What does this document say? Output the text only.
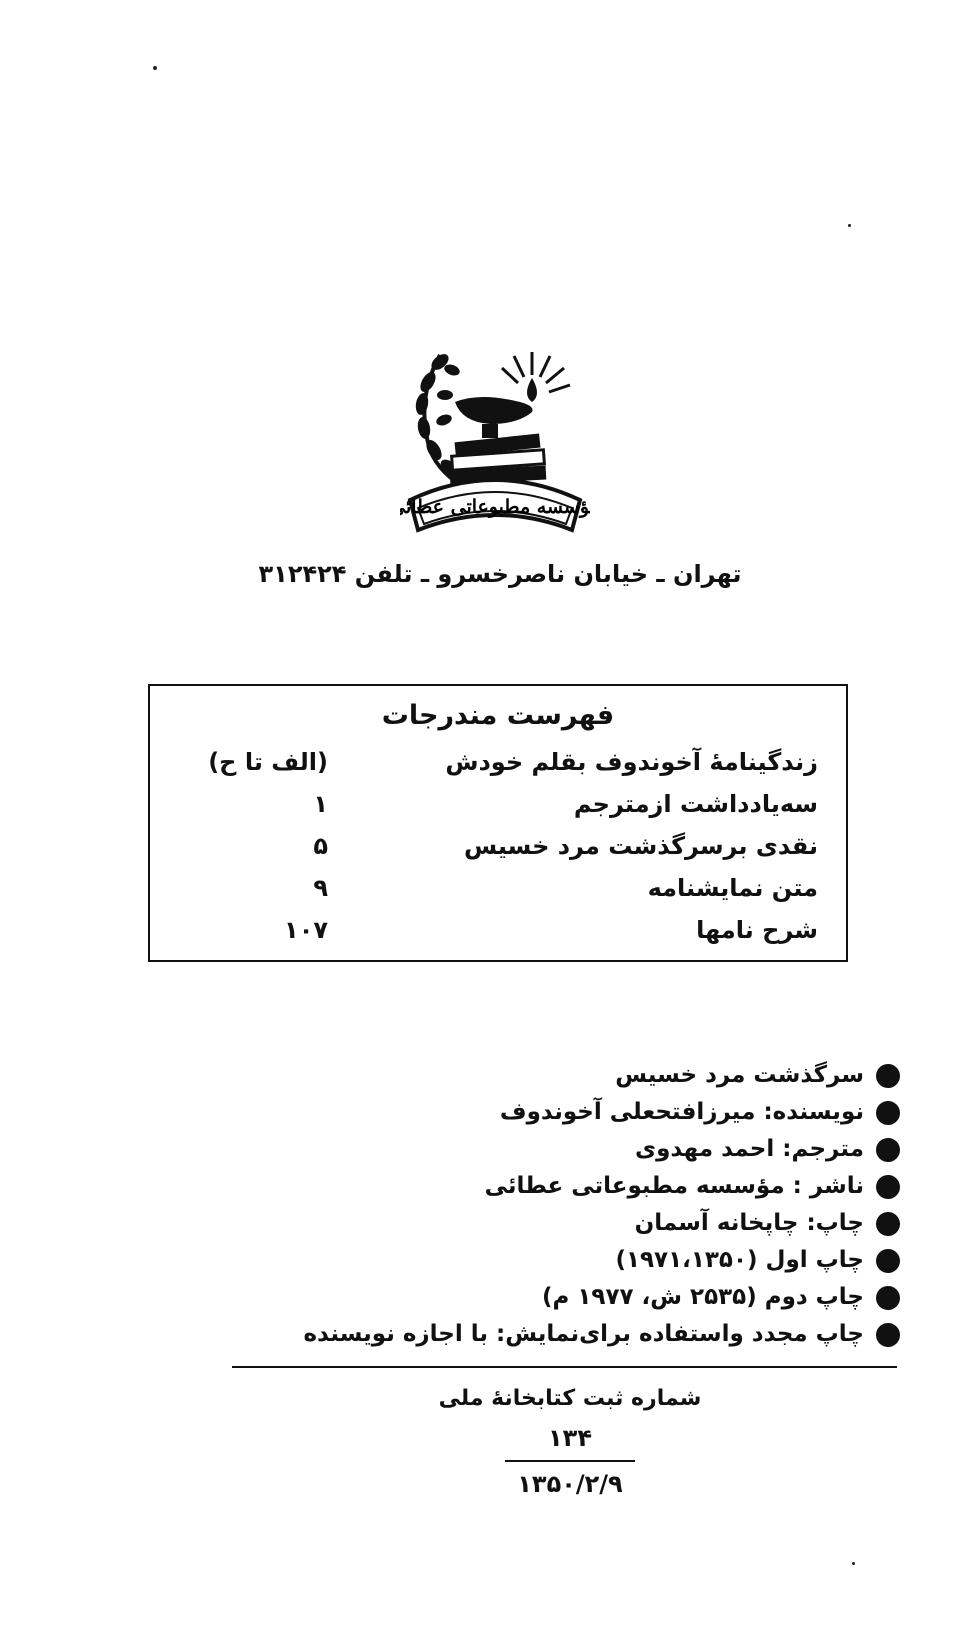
مؤسسه مطبوعاتی عطائی
تهران ـ خیابان ناصرخسرو ـ تلفن ۳۱۲۴۲۴
فهرست مندرجات
زندگینامهٔ آخوندوف بقلم خودش
(الف تا ح)
سه‌یادداشت ازمترجم
۱
نقدی برسرگذشت مرد خسیس
۵
متن نمایشنامه
۹
شرح نامها
۱۰۷
سرگذشت مرد خسیس
نویسنده: میرزافتحعلی آخوندوف
مترجم: احمد مهدوی
ناشر : مؤسسه مطبوعاتی عطائی
چاپ: چاپخانه آسمان
چاپ اول (۱۹۷۱،۱۳۵۰)
چاپ دوم (۲۵۳۵ ش، ۱۹۷۷ م)
چاپ مجدد واستفاده برای‌نمایش: با اجازه نویسنده
شماره ثبت کتابخانهٔ ملی
۱۳۴
۱۳۵۰/۲/۹
